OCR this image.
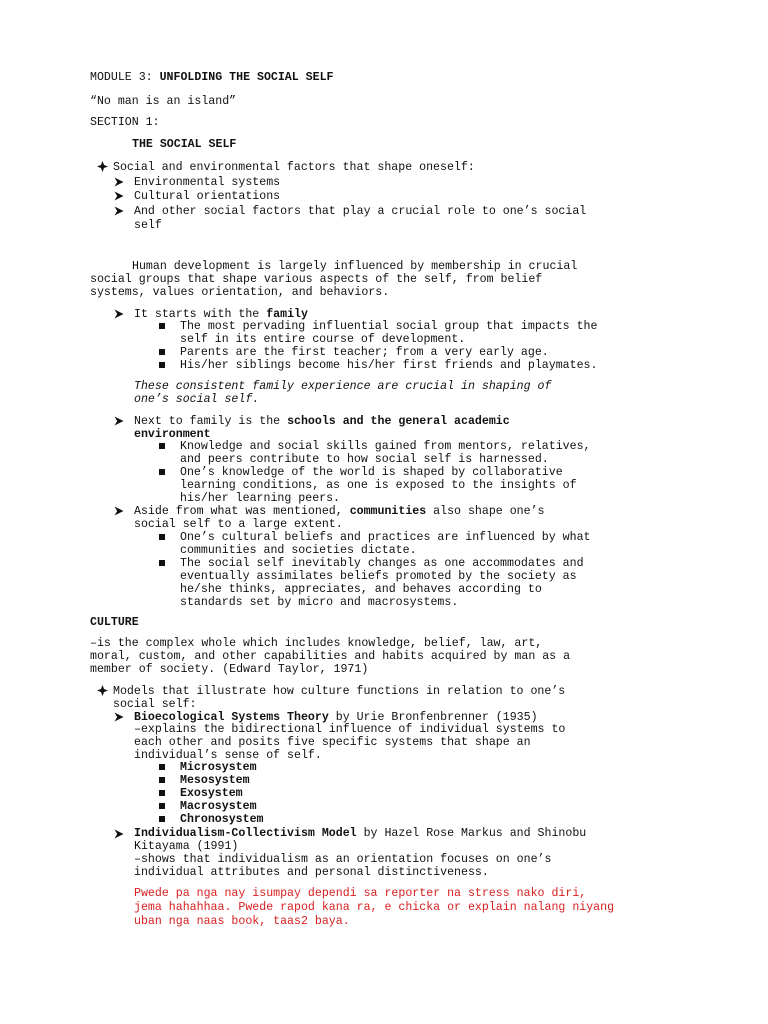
MODULE 3: UNFOLDING THE SOCIAL SELF
“No man is an island”
SECTION 1:
THE SOCIAL SELF
Social and environmental factors that shape oneself:
Environmental systems
Cultural orientations
And other social factors that play a crucial role to one’s social
self
Human development is largely influenced by membership in crucial
social groups that shape various aspects of the self, from belief
systems, values orientation, and behaviors.
It starts with the family
The most pervading influential social group that impacts the
self in its entire course of development.
Parents are the first teacher; from a very early age.
His/her siblings become his/her first friends and playmates.
These consistent family experience are crucial in shaping of
one’s social self.
Next to family is the schools and the general academic
environment
Knowledge and social skills gained from mentors, relatives,
and peers contribute to how social self is harnessed.
One’s knowledge of the world is shaped by collaborative
learning conditions, as one is exposed to the insights of
his/her learning peers.
Aside from what was mentioned, communities also shape one’s
social self to a large extent.
One’s cultural beliefs and practices are influenced by what
communities and societies dictate.
The social self inevitably changes as one accommodates and
eventually assimilates beliefs promoted by the society as
he/she thinks, appreciates, and behaves according to
standards set by micro and macrosystems.
CULTURE
–is the complex whole which includes knowledge, belief, law, art,
moral, custom, and other capabilities and habits acquired by man as a
member of society. (Edward Taylor, 1971)
Models that illustrate how culture functions in relation to one’s
social self:
Bioecological Systems Theory by Urie Bronfenbrenner (1935)
–explains the bidirectional influence of individual systems to
each other and posits five specific systems that shape an
individual’s sense of self.
Microsystem
Mesosystem
Exosystem
Macrosystem
Chronosystem
Individualism-Collectivism Model by Hazel Rose Markus and Shinobu
Kitayama (1991)
–shows that individualism as an orientation focuses on one’s
individual attributes and personal distinctiveness.
Pwede pa nga nay isumpay dependi sa reporter na stress nako diri,
jema hahahhaa. Pwede rapod kana ra, e chicka or explain nalang niyang
uban nga naas book, taas2 baya.
